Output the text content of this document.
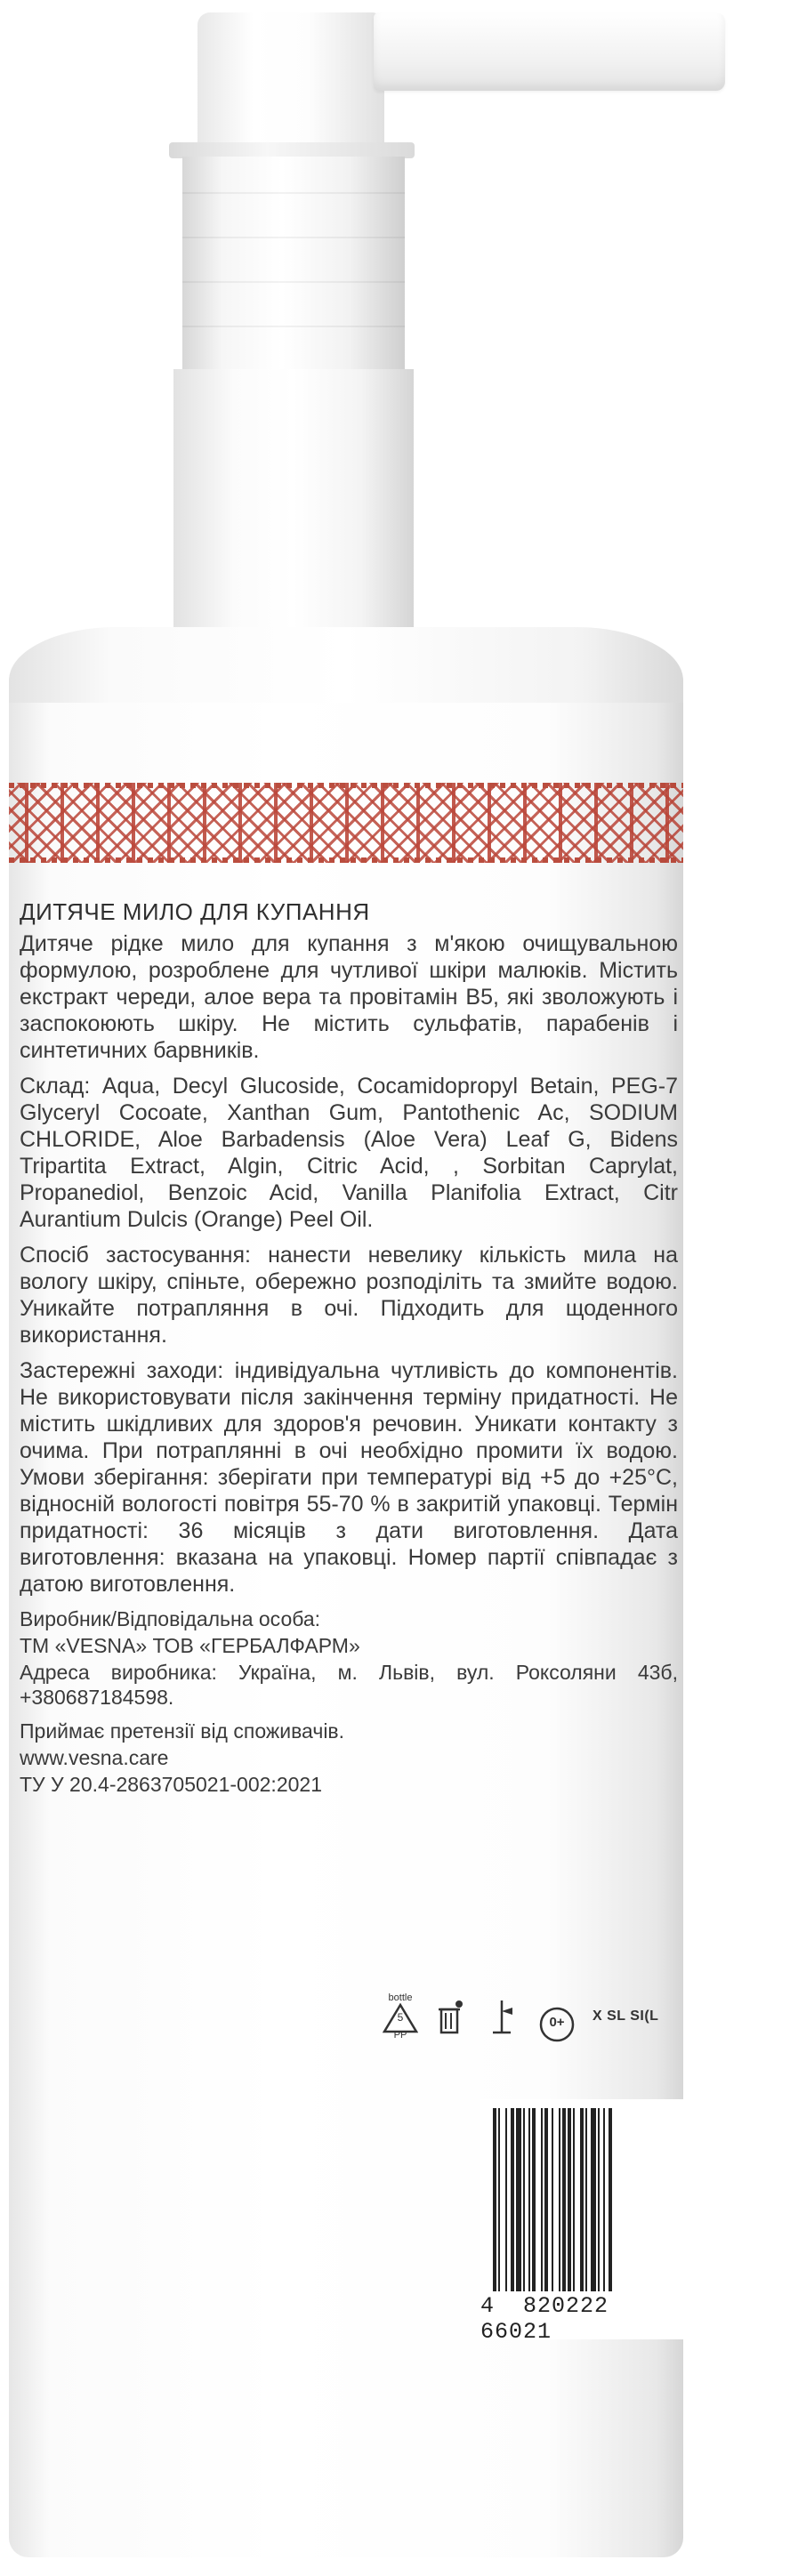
ДИТЯЧЕ МИЛО ДЛЯ КУПАННЯ

Дитяче рідке мило для купання з м'якою очищувальною формулою, розроблене для чутливої шкіри малюків. Містить екстракт череди, алое вера та провітамін В5, які зволожують і заспокоюють шкіру. Не містить сульфатів, парабенів і синтетичних барвників.

Склад: Aqua, Decyl Glucoside, Cocamidopropyl Betain, PEG-7 Glyceryl Cocoate, Xanthan Gum, Pantothenic Ac, SODIUM CHLORIDE, Aloe Barbadensis (Aloe Vera) Leaf G, Bidens Tripartita Extract, Algin, Citric Acid, , Sorbitan Caprylat, Propanediol, Benzoic Acid, Vanilla Planifolia Extract, Citr Aurantium Dulcis (Orange) Peel Oil.

Спосіб застосування: нанести невелику кількість мила на вологу шкіру, спіньте, обережно розподіліть та змийте водою. Уникайте потрапляння в очі. Підходить для щоденного використання.

Застережні заходи: індивідуальна чутливість до компонентів. Не використовувати після закінчення терміну придатності. Не містить шкідливих для здоров'я речовин. Уникати контакту з очима. При потраплянні в очі необхідно промити їх водою. Умови зберігання: зберігати при температурі від +5 до +25°С, відносній вологості повітря 55-70 % в закритій упаковці. Термін придатності: 36 місяців з дати виготовлення. Дата виготовлення: вказана на упаковці. Номер партії співпадає з датою виготовлення.

Виробник/Відповідальна особа:

ТМ «VESNA» ТОВ «ГЕРБАЛФАРМ»

Адреса виробника: Україна, м. Львів, вул. Роксоляни 43б, +380687184598.

Приймає претензії від споживачів.

www.vesna.care

ТУ У 20.4-2863705021-002:2021

bottle
5
PP
0+ X SL SI(L
4 820222  66021
